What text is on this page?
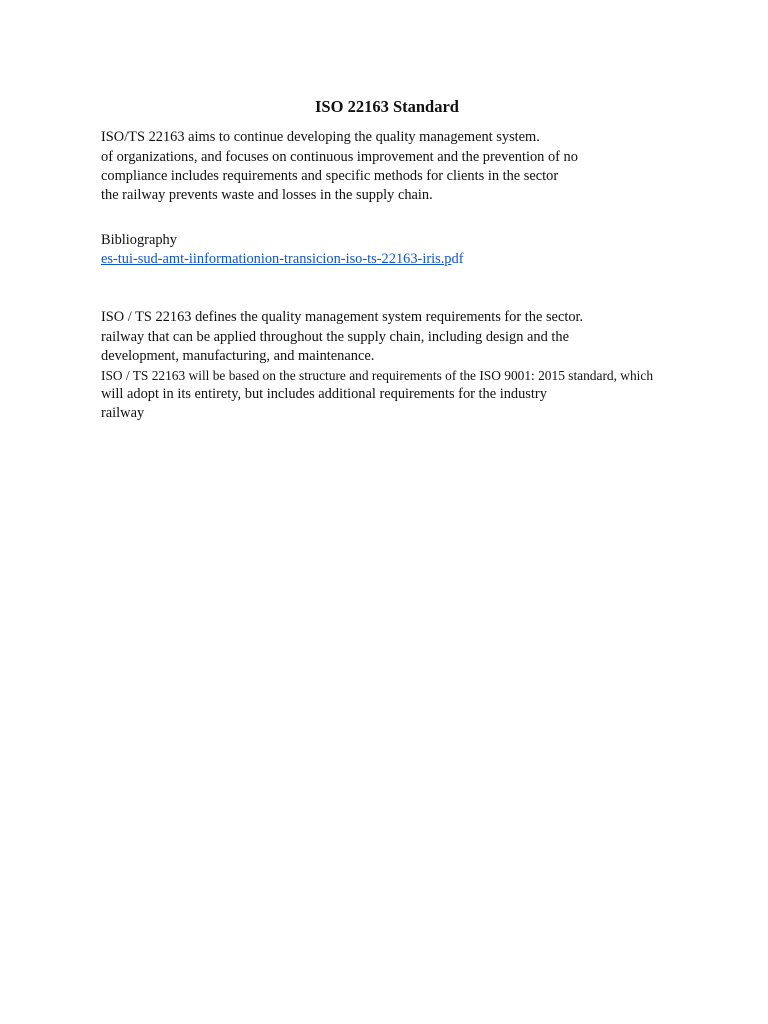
ISO 22163 Standard

ISO/TS 22163 aims to continue developing the quality management system.

of organizations, and focuses on continuous improvement and the prevention of no

compliance includes requirements and specific methods for clients in the sector

the railway prevents waste and losses in the supply chain.

Bibliography

es-tui-sud-amt-iinformationion-transicion-iso-ts-22163-iris.pdf

ISO / TS 22163 defines the quality management system requirements for the sector.

railway that can be applied throughout the supply chain, including design and the

development, manufacturing, and maintenance.

ISO / TS 22163 will be based on the structure and requirements of the ISO 9001: 2015 standard, which

will adopt in its entirety, but includes additional requirements for the industry

railway
